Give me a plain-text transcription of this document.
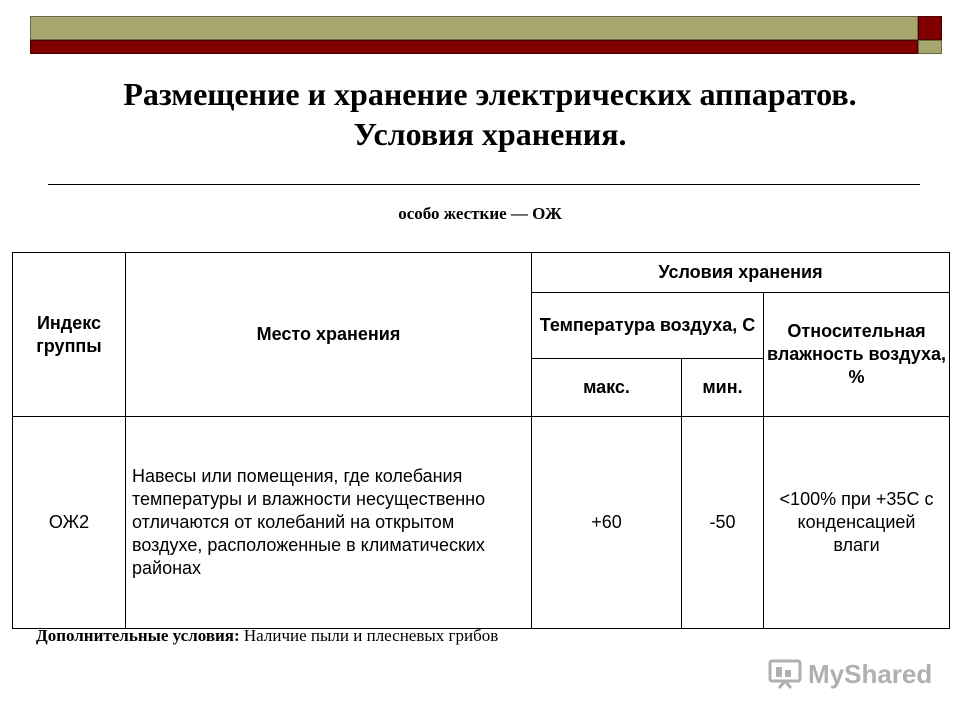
Размещение и хранение электрических аппаратов.
Условия хранения.
особо жесткие — ОЖ
Индекс группы	Место хранения	Условия хранения		
		Температура воздуха, С		Относительная влажность воздуха, %
		макс.	мин.	
ОЖ2	Навесы или помещения, где колебания температуры и влажности несущественно отличаются от колебаний на открытом воздухе, расположенные в климатических районах	+60	-50	<100% при +35С с конденсацией влаги
Дополнительные условия: Наличие пыли и плесневых грибов
MyShared
